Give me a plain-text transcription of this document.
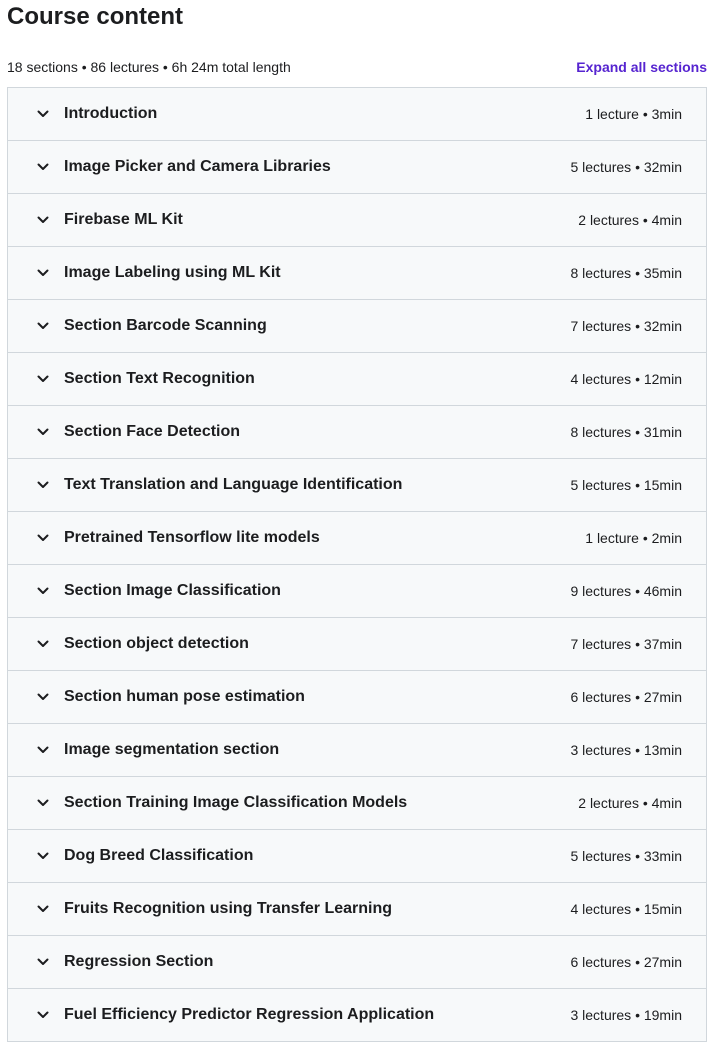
Course content
18 sections • 86 lectures • 6h 24m total length	Expand all sections
Introduction	1 lecture • 3min
Image Picker and Camera Libraries	5 lectures • 32min
Firebase ML Kit	2 lectures • 4min
Image Labeling using ML Kit	8 lectures • 35min
Section Barcode Scanning	7 lectures • 32min
Section Text Recognition	4 lectures • 12min
Section Face Detection	8 lectures • 31min
Text Translation and Language Identification	5 lectures • 15min
Pretrained Tensorflow lite models	1 lecture • 2min
Section Image Classification	9 lectures • 46min
Section object detection	7 lectures • 37min
Section human pose estimation	6 lectures • 27min
Image segmentation section	3 lectures • 13min
Section Training Image Classification Models	2 lectures • 4min
Dog Breed Classification	5 lectures • 33min
Fruits Recognition using Transfer Learning	4 lectures • 15min
Regression Section	6 lectures • 27min
Fuel Efficiency Predictor Regression Application	3 lectures • 19min
